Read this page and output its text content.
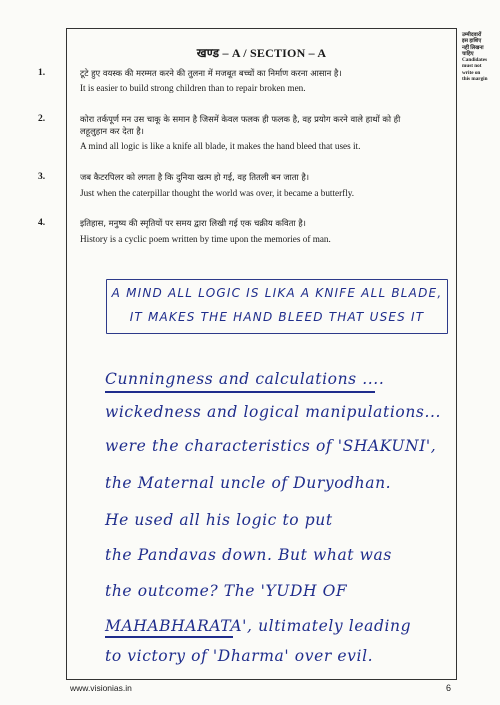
उम्मीदवारों
इस हाशिए
नहीं लिखना
चाहिए
Candidates
must not
write on
this margin
खण्ड – A / SECTION – A
1.	टूटे हुए वयस्क की मरम्मत करने की तुलना में मजबूत बच्चों का निर्माण करना आसान है।
It is easier to build strong children than to repair broken men.
2.	कोरा तर्कपूर्ण मन उस चाकू के समान है जिसमें केवल फलक ही फलक है, वह प्रयोग करने वाले हाथों को ही
लहूलुहान कर देता है।
A mind all logic is like a knife all blade, it makes the hand bleed that uses it.
3.	जब कैटरपिलर को लगता है कि दुनिया खत्म हो गई, वह तितली बन जाता है।
Just when the caterpillar thought the world was over, it became a butterfly.
4.	इतिहास, मनुष्य की स्मृतियों पर समय द्वारा लिखी गई एक चक्रीय कविता है।
History is a cyclic poem written by time upon the memories of man.
A MIND ALL LOGIC IS LIKA A KNIFE ALL BLADE,
IT MAKES THE HAND BLEED THAT USES IT
Cunningness and calculations ....
wickedness and logical manipulations...
were the characteristics of 'SHAKUNI',
the Maternal uncle of Duryodhan.
He used all his logic to put
the Pandavas down. But what was
the outcome? The 'YUDH OF
MAHABHARATA', ultimately leading
to victory of 'Dharma' over evil.
www.visionias.in	6
